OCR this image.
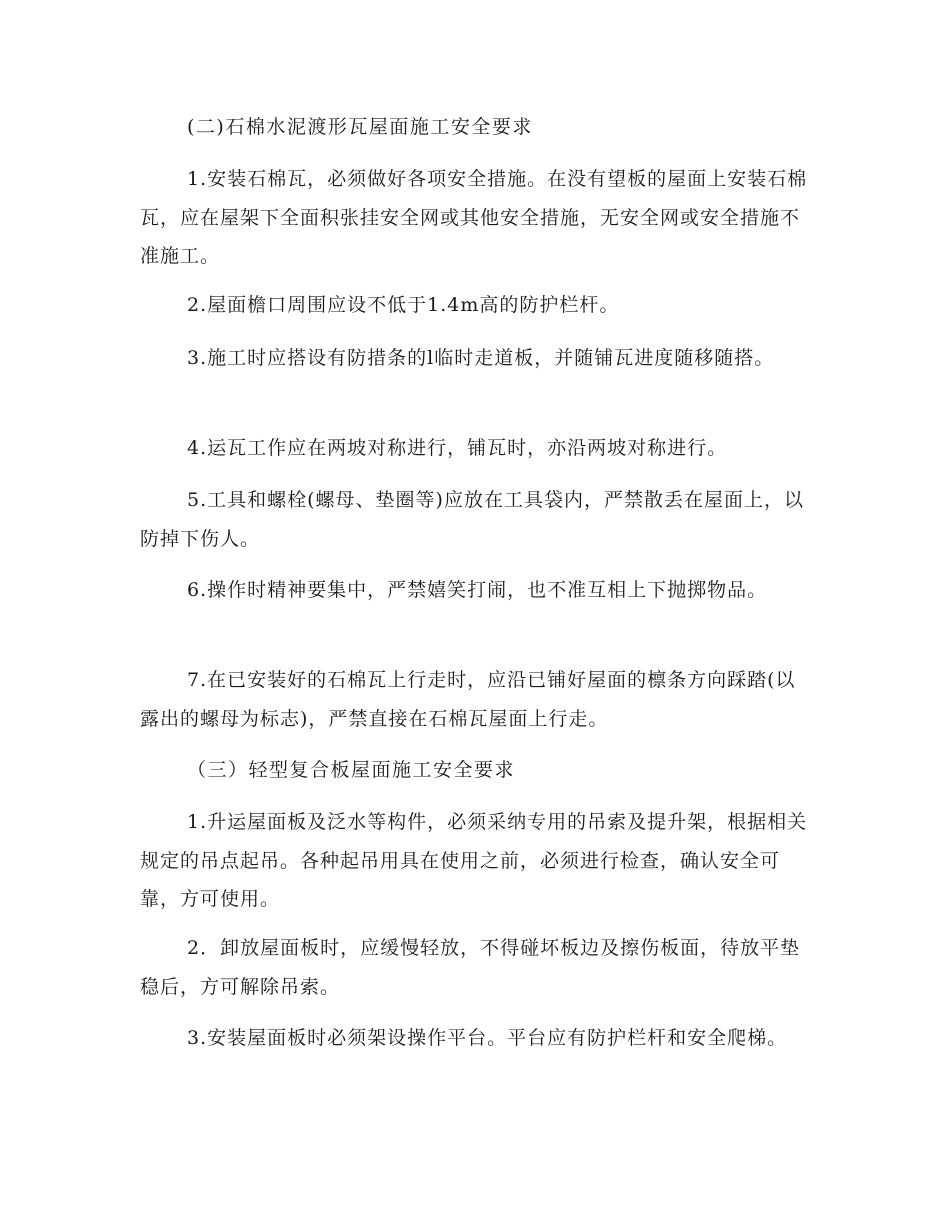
(二)石棉水泥渡形瓦屋面施工安全要求

1.安装石棉瓦，必须做好各项安全措施。在没有望板的屋面上安装石棉瓦，应在屋架下全面积张挂安全网或其他安全措施，无安全网或安全措施不准施工。

2.屋面檐口周围应设不低于1.4m高的防护栏杆。

3.施工时应搭设有防措条的l临时走道板，并随铺瓦进度随移随搭。

4.运瓦工作应在两坡对称进行，铺瓦时，亦沿两坡对称进行。

5.工具和螺栓(螺母、垫圈等)应放在工具袋内，严禁散丢在屋面上，以防掉下伤人。

6.操作时精神要集中，严禁嬉笑打闹，也不准互相上下抛掷物品。

7.在已安装好的石棉瓦上行走时，应沿已铺好屋面的檩条方向踩踏(以露出的螺母为标志)，严禁直接在石棉瓦屋面上行走。

（三）轻型复合板屋面施工安全要求

1.升运屋面板及泛水等构件，必须采纳专用的吊索及提升架，根据相关规定的吊点起吊。各种起吊用具在使用之前，必须进行检查，确认安全可靠，方可使用。

2．卸放屋面板时，应缓慢轻放，不得碰坏板边及擦伤板面，待放平垫稳后，方可解除吊索。

3.安装屋面板时必须架设操作平台。平台应有防护栏杆和安全爬梯。
